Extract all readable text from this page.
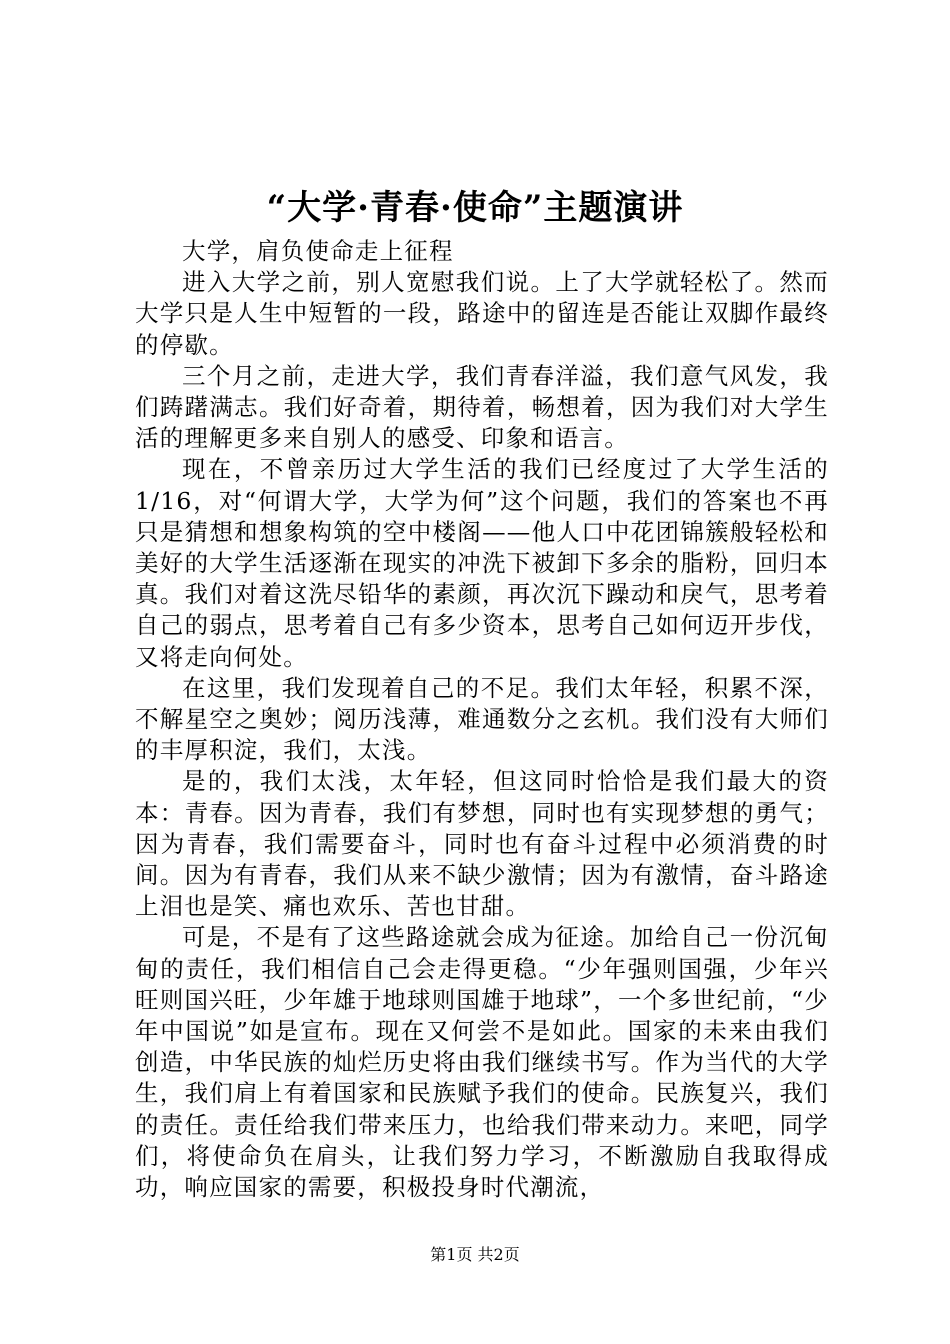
“大学·青春·使命”主题演讲

大学，肩负使命走上征程

进入大学之前，别人宽慰我们说。上了大学就轻松了。然而大学只是人生中短暂的一段，路途中的留连是否能让双脚作最终的停歇。

三个月之前，走进大学，我们青春洋溢，我们意气风发，我们踌躇满志。我们好奇着，期待着，畅想着，因为我们对大学生活的理解更多来自别人的感受、印象和语言。

现在，不曾亲历过大学生活的我们已经度过了大学生活的1/16，对“何谓大学，大学为何”这个问题，我们的答案也不再只是猜想和想象构筑的空中楼阁——他人口中花团锦簇般轻松和美好的大学生活逐渐在现实的冲洗下被卸下多余的脂粉，回归本真。我们对着这洗尽铅华的素颜，再次沉下躁动和戾气，思考着自己的弱点，思考着自己有多少资本，思考自己如何迈开步伐，又将走向何处。

在这里，我们发现着自己的不足。我们太年轻，积累不深，不解星空之奥妙；阅历浅薄，难通数分之玄机。我们没有大师们的丰厚积淀，我们，太浅。

是的，我们太浅，太年轻，但这同时恰恰是我们最大的资本：青春。因为青春，我们有梦想，同时也有实现梦想的勇气；因为青春，我们需要奋斗，同时也有奋斗过程中必须消费的时间。因为有青春，我们从来不缺少激情；因为有激情，奋斗路途上泪也是笑、痛也欢乐、苦也甘甜。

可是，不是有了这些路途就会成为征途。加给自己一份沉甸甸的责任，我们相信自己会走得更稳。“少年强则国强，少年兴旺则国兴旺，少年雄于地球则国雄于地球”，一个多世纪前，“少年中国说”如是宣布。现在又何尝不是如此。国家的未来由我们创造，中华民族的灿烂历史将由我们继续书写。作为当代的大学生，我们肩上有着国家和民族赋予我们的使命。民族复兴，我们的责任。责任给我们带来压力，也给我们带来动力。来吧，同学们，将使命负在肩头，让我们努力学习，不断激励自我取得成功，响应国家的需要，积极投身时代潮流，

第1页 共2页
